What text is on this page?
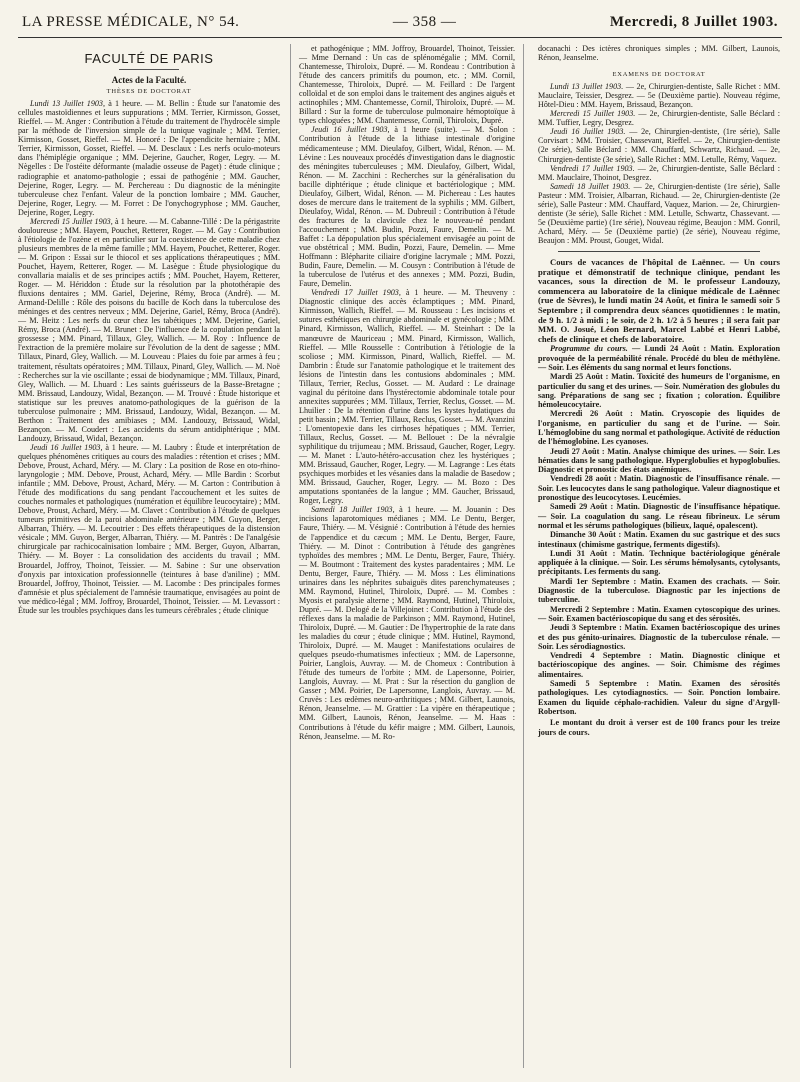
LA PRESSE MÉDICALE, N° 54.	— 358 —	Mercredi, 8 Juillet 1903.
FACULTÉ DE PARIS
Actes de la Faculté.
THÈSES DE DOCTORAT

Lundi 13 Juillet 1903, à 1 heure. — M. Bellin : Étude sur l'anatomie des cellules mastoïdiennes et leurs suppurations ; MM. Terrier, Kirmisson, Gosset, Rieffel. — M. Anger : Contribution à l'étude du traitement de l'hydrocèle simple par la méthode de l'inversion simple de la tunique vaginale ; MM. Terrier, Kirmisson, Gosset, Rieffel. — M. Honoré : De l'appendicite herniaire ; MM. Terrier, Kirmisson, Gosset, Rieffel. — M. Desclaux : Les nerfs oculo-moteurs dans l'hémiplégie organique ; MM. Dejerine, Gaucher, Roger, Legry. — M. Nègelles : De l'ostéite déformante (maladie osseuse de Paget) : étude clinique ; radiographie et anatomo-pathologie ; essai de pathogénie ; MM. Gaucher, Dejerine, Roger, Legry. — M. Perchereau : Du diagnostic de la méningite tuberculeuse chez l'enfant. Valeur de la ponction lombaire ; MM. Gaucher, Dejerine, Roger, Legry. — M. Forret : De l'onychogryphose ; MM. Gaucher, Dejerine, Roger, Legry.

Mercredi 15 Juillet 1903, à 1 heure. — M. Cabanne-Tillé : De la périgastrite douloureuse ; MM. Hayem, Pouchet, Retterer, Roger. — M. Gay : Contribution à l'étiologie de l'ozène et en particulier sur la coexistence de cette maladie chez plusieurs membres de la même famille ; MM. Hayem, Pouchet, Retterer, Roger. — M. Gripon : Essai sur le thiocol et ses applications thérapeutiques ; MM. Pouchet, Hayem, Retterer, Roger. — M. Lasègue : Étude physiologique du convallaria maialis et de ses principes actifs ; MM. Pouchet, Hayem, Retterer, Roger. — M. Hériddon : Étude sur la résolution par la photothérapie des fluxions dentaires ; MM. Gariel, Dejerine, Rémy, Broca (André). — M. Armand-Delille : Rôle des poisons du bacille de Koch dans la tuberculose des méninges et des centres nerveux ; MM. Dejerine, Gariel, Rémy, Broca (André). — M. Heitz : Les nerfs du cœur chez les tabétiques ; MM. Dejerine, Gariel, Rémy, Broca (André). — M. Brunet : De l'influence de la copulation pendant la grossesse ; MM. Pinard, Tillaux, Gley, Wallich. — M. Roy : Influence de l'extraction de la première molaire sur l'évolution de la dent de sagesse ; MM. Tillaux, Pinard, Gley, Wallich. — M. Louveau : Plaies du foie par armes à feu ; traitement, résultats opératoires ; MM. Tillaux, Pinard, Gley, Wallich. — M. Noë : Recherches sur la vie oscillante ; essai de biodynamique ; MM. Tillaux, Pinard, Gley, Wallich. — M. Lhuard : Les saints guérisseurs de la Basse-Bretagne ; MM. Brissaud, Landouzy, Widal, Bezançon. — M. Trouvé : Étude historique et statistique sur les preuves anatomo-pathologiques de la guérison de la tuberculose pulmonaire ; MM. Brissaud, Landouzy, Widal, Bezançon. — M. Berthon : Traitement des amibiases ; MM. Landouzy, Brissaud, Widal, Bezançon. — M. Coudert : Les accidents du sérum antidiphtérique ; MM. Landouzy, Brissaud, Widal, Bezançon.

Jeudi 16 Juillet 1903, à 1 heure. — M. Laubry : Étude et interprétation de quelques phénomènes critiques au cours des maladies : rétention et crises ; MM. Debove, Proust, Achard, Méry. — M. Clary : La position de Rose en oto-rhino-laryngologie ; MM. Debove, Proust, Achard, Méry. — Mlle Bardin : Scorbut infantile ; MM. Debove, Proust, Achard, Méry. — M. Carton : Contribution à l'étude des modifications du sang pendant l'accouchement et les suites de couches normales et pathologiques (numération et équilibre leucocytaire) ; MM. Debove, Proust, Achard, Méry. — M. Clavet : Contribution à l'étude de quelques tumeurs primitives de la paroi abdominale antérieure ; MM. Guyon, Berger, Albarran, Thiéry. — M. Lecoutrier : Des effets thérapeutiques de la distension vésicale ; MM. Guyon, Berger, Albarran, Thiéry. — M. Pantrès : De l'analgésie chirurgicale par rachicocaïnisation lombaire ; MM. Berger, Guyon, Albarran, Thiéry. — M. Boyer : La consolidation des accidents du travail ; MM. Brouardel, Joffroy, Thoinot, Teissier. — M. Sabine : Sur une observation d'onyxis par intoxication professionnelle (teintures à base d'aniline) ; MM. Brouardel, Joffroy, Thoinot, Teissier. — M. Lacombe : Des principales formes d'amnésie et plus spécialement de l'amnésie traumatique, envisagées au point de vue médico-légal ; MM. Joffroy, Brouardel, Thoinot, Teissier. — M. Levassort : Étude sur les troubles psychiques dans les tumeurs cérébrales ; étude clinique

et pathogénique ; MM. Joffroy, Brouardel, Thoinot, Teissier. — Mme Dernand : Un cas de splénomégalie ; MM. Cornil, Chantemesse, Thiroloix, Dupré. — M. Rondeau : Contribution à l'étude des cancers primitifs du poumon, etc. ; MM. Cornil, Chantemesse, Thiroloix, Dupré. — M. Feillard : De l'argent colloïdal et de son emploi dans le traitement des angines aiguës et actinophiles ; MM. Chantemesse, Cornil, Thiroloix, Dupré. — M. Billard : Sur la forme de tuberculose pulmonaire hémoptoïque à types chloguées ; MM. Chantemesse, Cornil, Thiroloix, Dupré.

Jeudi 16 Juillet 1903, à 1 heure (suite). — M. Solon : Contribution à l'étude de la lithiase intestinale d'origine médicamenteuse ; MM. Dieulafoy, Gilbert, Widal, Rénon. — M. Lévine : Les nouveaux procédés d'investigation dans le diagnostic des méningites tuberculeuses ; MM. Dieulafoy, Gilbert, Widal, Rénon. — M. Zacchini : Recherches sur la généralisation du bacille diphtérique ; étude clinique et bactériologique ; MM. Dieulafoy, Gilbert, Widal, Rénon. — M. Pichereau : Les hautes doses de mercure dans le traitement de la syphilis ; MM. Gilbert, Dieulafoy, Widal, Rénon. — M. Dubreuil : Contribution à l'étude des fractures de la clavicule chez le nouveau-né pendant l'accouchement ; MM. Budin, Pozzi, Faure, Demelin. — M. Baffet : La dépopulation plus spécialement envisagée au point de vue obstétrical ; MM. Budin, Pozzi, Faure, Demelin. — Mme Hoffmann : Blépharite ciliaire d'origine lacrymale ; MM. Pozzi, Budin, Faure, Demelin. — M. Cousyn : Contribution à l'étude de la tuberculose de l'utérus et des annexes ; MM. Pozzi, Budin, Faure, Demelin.

Vendredi 17 Juillet 1903, à 1 heure. — M. Theuveny : Diagnostic clinique des accès éclamptiques ; MM. Pinard, Kirmisson, Wallich, Rieffel. — M. Rousseau : Les incisions et sutures esthétiques en chirurgie abdominale et gynécologie ; MM. Pinard, Kirmisson, Wallich, Rieffel. — M. Steinhart : De la manœuvre de Mauriceau ; MM. Pinard, Kirmisson, Wallich, Rieffel. — Mlle Rousselle : Contribution à l'étiologie de la scoliose ; MM. Kirmisson, Pinard, Wallich, Rieffel. — M. Dambrin : Étude sur l'anatomie pathologique et le traitement des lésions de l'intestin dans les contusions abdominales ; MM. Tillaux, Terrier, Reclus, Gosset. — M. Audard : Le drainage vaginal du péritoine dans l'hystérectomie abdominale totale pour annexites suppurées ; MM. Tillaux, Terrier, Reclus, Gosset. — M. Lhuilier : De la rétention d'urine dans les kystes hydatiques du petit bassin ; MM. Terrier, Tillaux, Reclus, Gosset. — M. Avanzini : L'omentopexie dans les cirrhoses hépatiques ; MM. Terrier, Tillaux, Reclus, Gosset. — M. Bellouet : De la névralgie syphilitique du trijumeau ; MM. Brissaud, Gaucher, Roger, Legry. — M. Manet : L'auto-hétéro-accusation chez les hystériques ; MM. Brissaud, Gaucher, Roger, Legry. — M. Lagrange : Les états psychiques morbides et les vésanies dans la maladie de Basedow ; MM. Brissaud, Gaucher, Roger, Legry. — M. Bozo : Des amputations spontanées de la langue ; MM. Gaucher, Brissaud, Roger, Legry.

Samedi 18 Juillet 1903, à 1 heure. — M. Jouanin : Des incisions laparotomiques médianes ; MM. Le Dentu, Berger, Faure, Thiéry. — M. Vésignié : Contribution à l'étude des hernies de l'appendice et du cæcum ; MM. Le Dentu, Berger, Faure, Thiéry. — M. Dinot : Contribution à l'étude des gangrènes typhoïdes des membres ; MM. Le Dentu, Berger, Faure, Thiéry. — M. Boutmont : Traitement des kystes paradentaires ; MM. Le Dentu, Berger, Faure, Thiéry. — M. Moss : Les éliminations urinaires dans les néphrites subaiguës dites parenchymateuses ; MM. Raymond, Hutinel, Thiroloix, Dupré. — M. Combes : Myosis et paralysie alterne ; MM. Raymond, Hutinel, Thiroloix, Dupré. — M. Delogé de la Villejoinet : Contribution à l'étude des réflexes dans la maladie de Parkinson ; MM. Raymond, Hutinel, Thiroloix, Dupré. — M. Gautier : De l'hypertrophie de la rate dans les maladies du cœur ; étude clinique ; MM. Hutinel, Raymond, Thiroloix, Dupré. — M. Mauget : Manifestations oculaires de quelques pseudo-rhumatismes infectieux ; MM. de Lapersonne, Poirier, Langlois, Auvray. — M. de Chomeux : Contribution à l'étude des tumeurs de l'orbite ; MM. de Lapersonne, Poirier, Langlois, Auvray. — M. Prat : Sur la résection du ganglion de Gasser ; MM. Poirier, De Lapersonne, Langlois, Auvray. — M. Cruvès : Les œdèmes neuro-arthritiques ; MM. Gilbert, Launois, Rénon, Jeanselme. — M. Grattier : La vipère en thérapeutique ; MM. Gilbert, Launois, Rénon, Jeanselme. — M. Haas : Contributions à l'étude du kéfir maigre ; MM. Gilbert, Launois, Rénon, Jeanselme. — M. Ro-

docanachi : Des ictères chroniques simples ; MM. Gilbert, Launois, Rénon, Jeanselme.

EXAMENS DE DOCTORAT

Lundi 13 Juillet 1903. — 2e, Chirurgien-dentiste, Salle Richet : MM. Mauclaire, Teissier, Desgrez. — 5e (Deuxième partie). Nouveau régime, Hôtel-Dieu : MM. Hayem, Brissaud, Bezançon.

Mercredi 15 Juillet 1903. — 2e, Chirurgien-dentiste, Salle Béclard : MM. Tuffier, Legry, Desgrez.

Jeudi 16 Juillet 1903. — 2e, Chirurgien-dentiste, (1re série), Salle Corvisart : MM. Troisier, Chassevant, Rieffel. — 2e, Chirurgien-dentiste (2e série), Salle Béclard : MM. Chauffard, Schwartz, Richaud. — 2e, Chirurgien-dentiste (3e série), Salle Richet : MM. Letulle, Rémy, Vaquez.

Vendredi 17 Juillet 1903. — 2e, Chirurgien-dentiste, Salle Béclard : MM. Mauclaire, Thoinot, Desgrez.

Samedi 18 Juillet 1903. — 2e, Chirurgien-dentiste (1re série), Salle Pasteur : MM. Troisier, Albarran, Richaud. — 2e, Chirurgien-dentiste (2e série), Salle Pasteur : MM. Chauffard, Vaquez, Marion. — 2e, Chirurgien-dentiste (3e série), Salle Richet : MM. Letulle, Schwartz, Chassevant. — 5e (Deuxième partie) (1re série), Nouveau régime, Beaujon : MM. Gonril, Achard, Méry. — 5e (Deuxième partie) (2e série), Nouveau régime, Beaujon : MM. Proust, Gouget, Widal.

Cours de vacances de l'hôpital de Laënnec. — Un cours pratique et démonstratif de technique clinique, pendant les vacances, sous la direction de M. le professeur Landouzy, commencera au laboratoire de la clinique médicale de Laënnec (rue de Sèvres), le lundi matin 24 Août, et finira le samedi soir 5 Septembre ; il comprendra deux séances quotidiennes : le matin, de 9 h. 1/2 à midi ; le soir, de 2 h. 1/2 à 5 heures ; il sera fait par MM. O. Josué, Léon Bernard, Marcel Labbé et Henri Labbé, chefs de clinique et chefs de laboratoire.

Programme du cours. — Lundi 24 Août : Matin. Exploration provoquée de la perméabilité rénale. Procédé du bleu de méthylène. — Soir. Les éléments du sang normal et leurs fonctions.

Mardi 25 Août : Matin. Toxicité des humeurs de l'organisme, en particulier du sang et des urines. — Soir. Numération des globules du sang. Préparations de sang sec ; fixation ; coloration. Équilibre hémoleucocytaire.

Mercredi 26 Août : Matin. Cryoscopie des liquides de l'organisme, en particulier du sang et de l'urine. — Soir. L'hémoglobine du sang normal et pathologique. Activité de réduction de l'hémoglobine. Les cyanoses.

Jeudi 27 Août : Matin. Analyse chimique des urines. — Soir. Les hématies dans le sang pathologique. Hyperglobulies et hypoglobulies. Diagnostic et pronostic des états anémiques.

Vendredi 28 août : Matin. Diagnostic de l'insuffisance rénale. — Soir. Les leucocytes dans le sang pathologique. Valeur diagnostique et pronostique des leucocytoses. Leucémies.

Samedi 29 Août : Matin. Diagnostic de l'insuffisance hépatique. — Soir. La coagulation du sang. Le réseau fibrineux. Le sérum normal et les sérums pathologiques (bilieux, laqué, opalescent).

Dimanche 30 Août : Matin. Examen du suc gastrique et des sucs intestinaux (chimisme gastrique, ferments digestifs).

Lundi 31 Août : Matin. Technique bactériologique générale appliquée à la clinique. — Soir. Les sérums hémolysants, cytolysants, précipitants. Les ferments du sang.

Mardi 1er Septembre : Matin. Examen des crachats. — Soir. Diagnostic de la tuberculose. Diagnostic par les injections de tuberculine.

Mercredi 2 Septembre : Matin. Examen cytoscopique des urines. — Soir. Examen bactérioscopique du sang et des sérosités.

Jeudi 3 Septembre : Matin. Examen bactérioscopique des urines et des pus génito-urinaires. Diagnostic de la tuberculose rénale. — Soir. Les sérodiagnostics.

Vendredi 4 Septembre : Matin. Diagnostic clinique et bactérioscopique des angines. — Soir. Chimisme des régimes alimentaires.

Samedi 5 Septembre : Matin. Examen des sérosités pathologiques. Les cytodiagnostics. — Soir. Ponction lombaire. Examen du liquide céphalo-rachidien. Valeur du signe d'Argyll-Robertson.

Le montant du droit à verser est de 100 francs pour les treize jours de cours.
